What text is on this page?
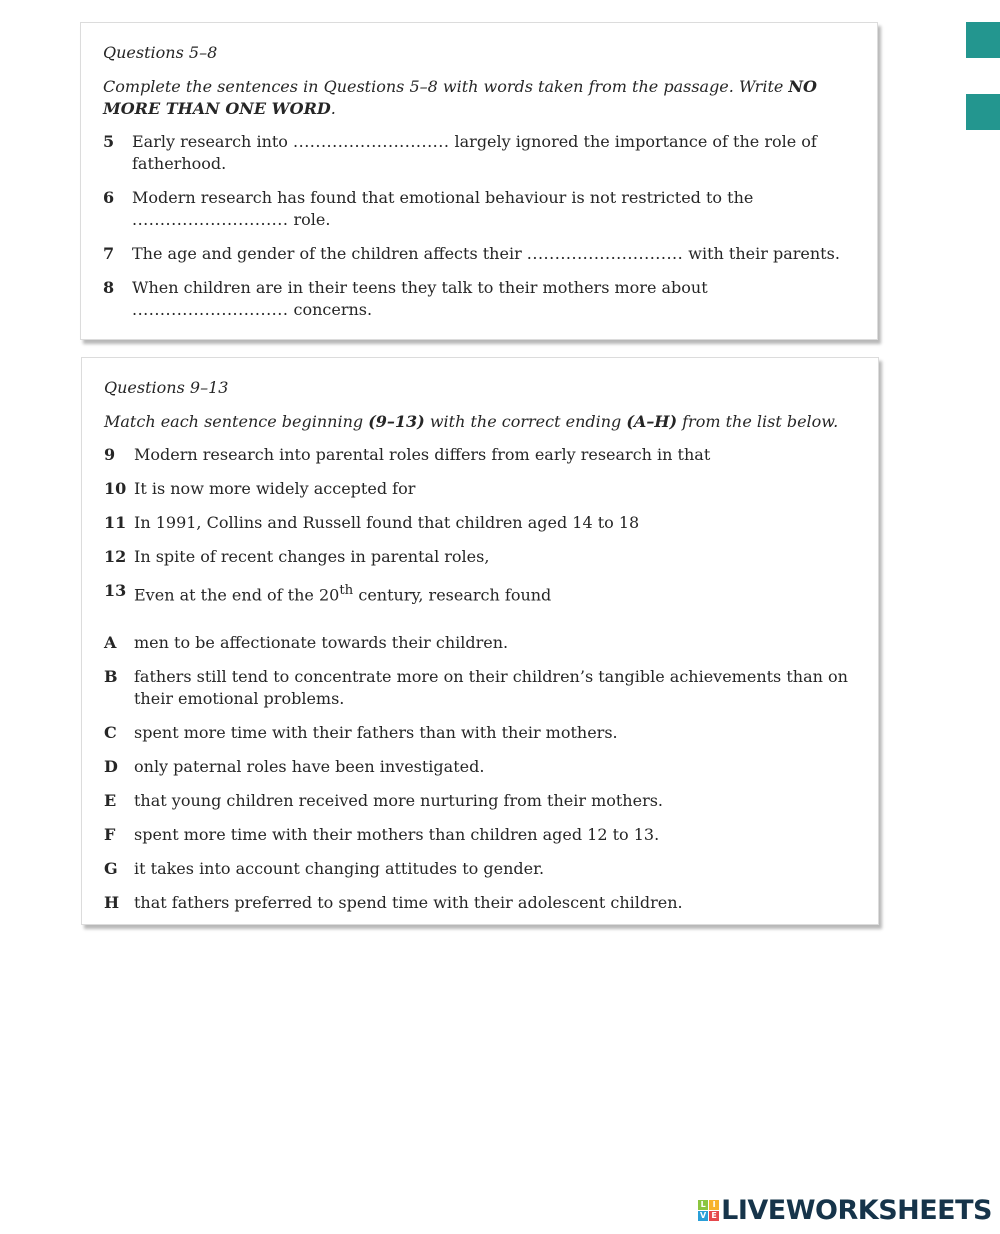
Questions 5–8
Complete the sentences in Questions 5–8 with words taken from the passage. Write NO MORE THAN ONE WORD.
5	Early research into ............................ largely ignored the importance of the role of fatherhood.
6	Modern research has found that emotional behaviour is not restricted to the ............................ role.
7	The age and gender of the children affects their ............................ with their parents.
8	When children are in their teens they talk to their mothers more about ............................ concerns.
Questions 9–13
Match each sentence beginning (9–13) with the correct ending (A–H) from the list below.
9	Modern research into parental roles differs from early research in that
10 It is now more widely accepted for
11 In 1991, Collins and Russell found that children aged 14 to 18
12 In spite of recent changes in parental roles,
13 Even at the end of the 20th century, research found
A	men to be affectionate towards their children.
B	fathers still tend to concentrate more on their children’s tangible achievements than on their emotional problems.
C	spent more time with their fathers than with their mothers.
D	only paternal roles have been investigated.
E	that young children received more nurturing from their mothers.
F	spent more time with their mothers than children aged 12 to 13.
G	it takes into account changing attitudes to gender.
H that fathers preferred to spend time with their adolescent children.
L I
V E LIVEWORKSHEETS
